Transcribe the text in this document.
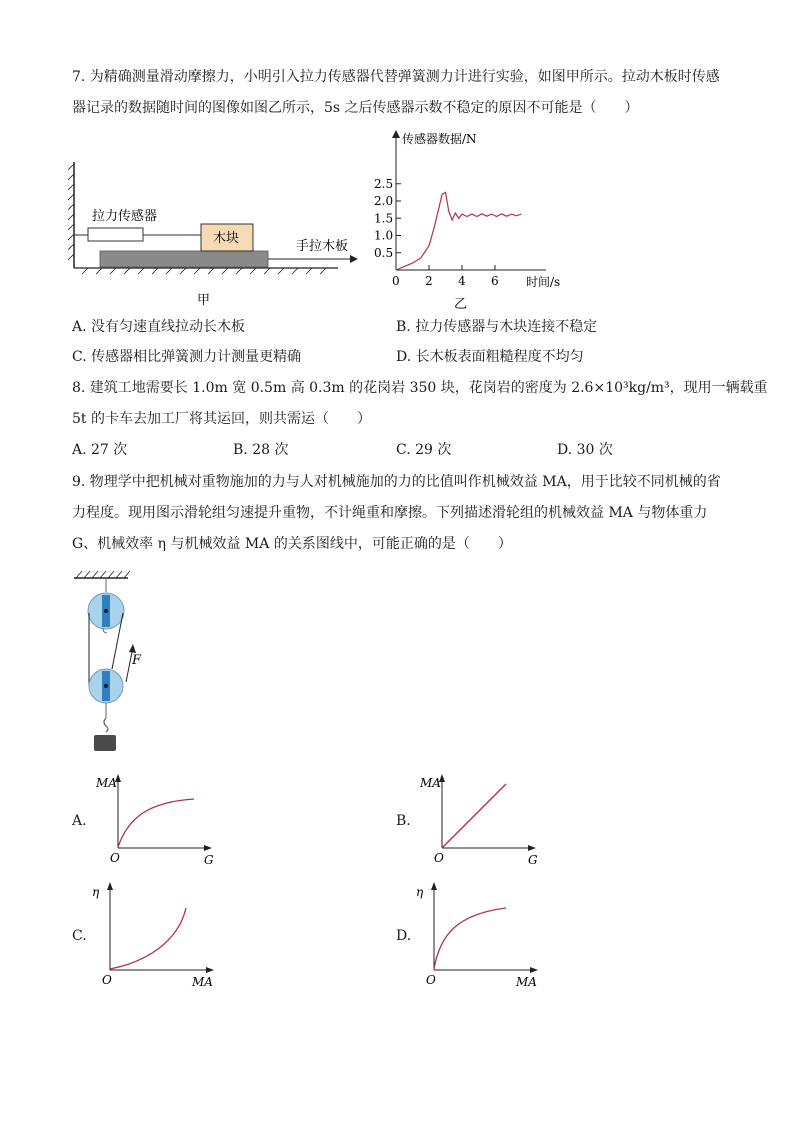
7. 为精确测量滑动摩擦力，小明引入拉力传感器代替弹簧测力计进行实验，如图甲所示。拉动木板时传感
器记录的数据随时间的图像如图乙所示，5s 之后传感器示数不稳定的原因不可能是（　　）
手拉木板
拉力传感器
木块
甲
传感器数据/N
时间/s
0.5
1.0
1.5
2.0
2.5
0 2 4 6
乙
A. 没有匀速直线拉动长木板	B. 拉力传感器与木块连接不稳定
C. 传感器相比弹簧测力计测量更精确	D. 长木板表面粗糙程度不均匀
8. 建筑工地需要长 1.0m 宽 0.5m 高 0.3m 的花岗岩 350 块，花岗岩的密度为 2.6×10³kg/m³，现用一辆载重
5t 的卡车去加工厂将其运回，则共需运（　　）
A. 27 次	B. 28 次	C. 29 次	D. 30 次
9. 物理学中把机械对重物施加的力与人对机械施加的力的比值叫作机械效益 MA，用于比较不同机械的省
力程度。现用图示滑轮组匀速提升重物，不计绳重和摩擦。下列描述滑轮组的机械效益 MA 与物体重力
G、机械效率 η 与机械效益 MA 的关系图线中，可能正确的是（　　）
F
A.
MA
G
O
B.
MA
G
O
C.
η
MA
O
D.
η
MA
O
